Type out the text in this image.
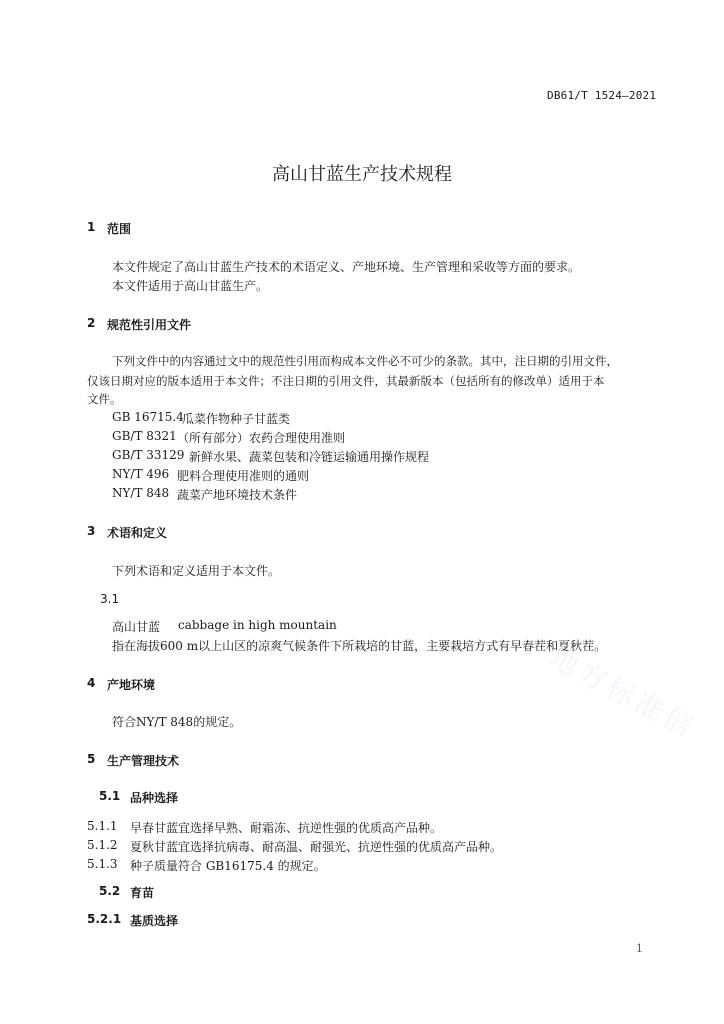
DB61/T 1524—2021
高山甘蓝生产技术规程
1 范围
本文件规定了高山甘蓝生产技术的术语定义、产地环境、生产管理和采收等方面的要求。
本文件适用于高山甘蓝生产。
2 规范性引用文件
下列文件中的内容通过文中的规范性引用而构成本文件必不可少的条款。其中，注日期的引用文件，
仅该日期对应的版本适用于本文件；不注日期的引用文件，其最新版本（包括所有的修改单）适用于本
文件。
GB 16715.4
瓜菜作物种子甘蓝类
GB/T 8321 （所有部分）农药合理使用准则
GB/T 33129 新鲜水果、蔬菜包装和冷链运输通用操作规程
NY/T 496 肥料合理使用准则的通则
NY/T 848 蔬菜产地环境技术条件
3 术语和定义
下列术语和定义适用于本文件。
3.1
高山甘蓝 cabbage in high mountain
指在海拔600 m以上山区的凉爽气候条件下所栽培的甘蓝，主要栽培方式有早春茬和夏秋茬。
4 产地环境
符合NY/T 848的规定。
5 生产管理技术
5.1 品种选择
5.1.1 早春甘蓝宜选择早熟、耐霜冻、抗逆性强的优质高产品种。
5.1.2 夏秋甘蓝宜选择抗病毒、耐高温、耐强光、抗逆性强的优质高产品种。
5.1.3 种子质量符合 GB16175.4 的规定。
5.2 育苗
5.2.1 基质选择
地方标准信
1
